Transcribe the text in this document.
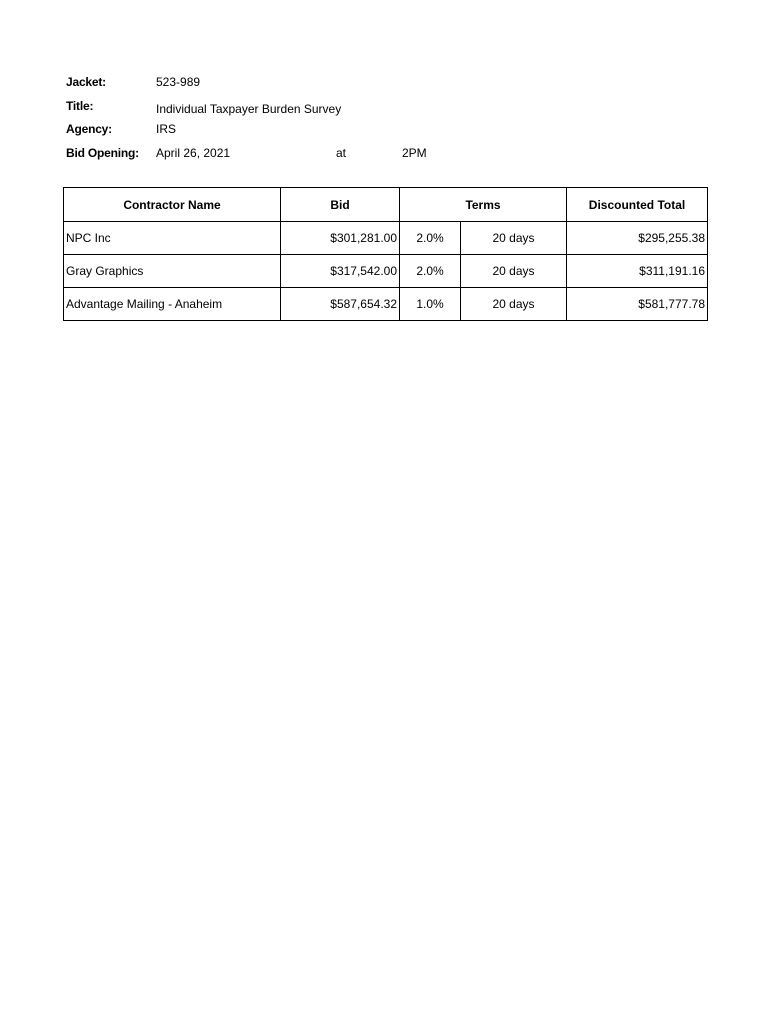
Jacket:	523-989
Title:	Individual Taxpayer Burden Survey
Agency:	IRS
Bid Opening: April 26, 2021	at	2PM
Contractor Name	Bid	Terms		Discounted Total
NPC Inc	$301,281.00	2.0%	20 days	$295,255.38
Gray Graphics	$317,542.00	2.0%	20 days	$311,191.16
Advantage Mailing - Anaheim	$587,654.32	1.0%	20 days	$581,777.78
